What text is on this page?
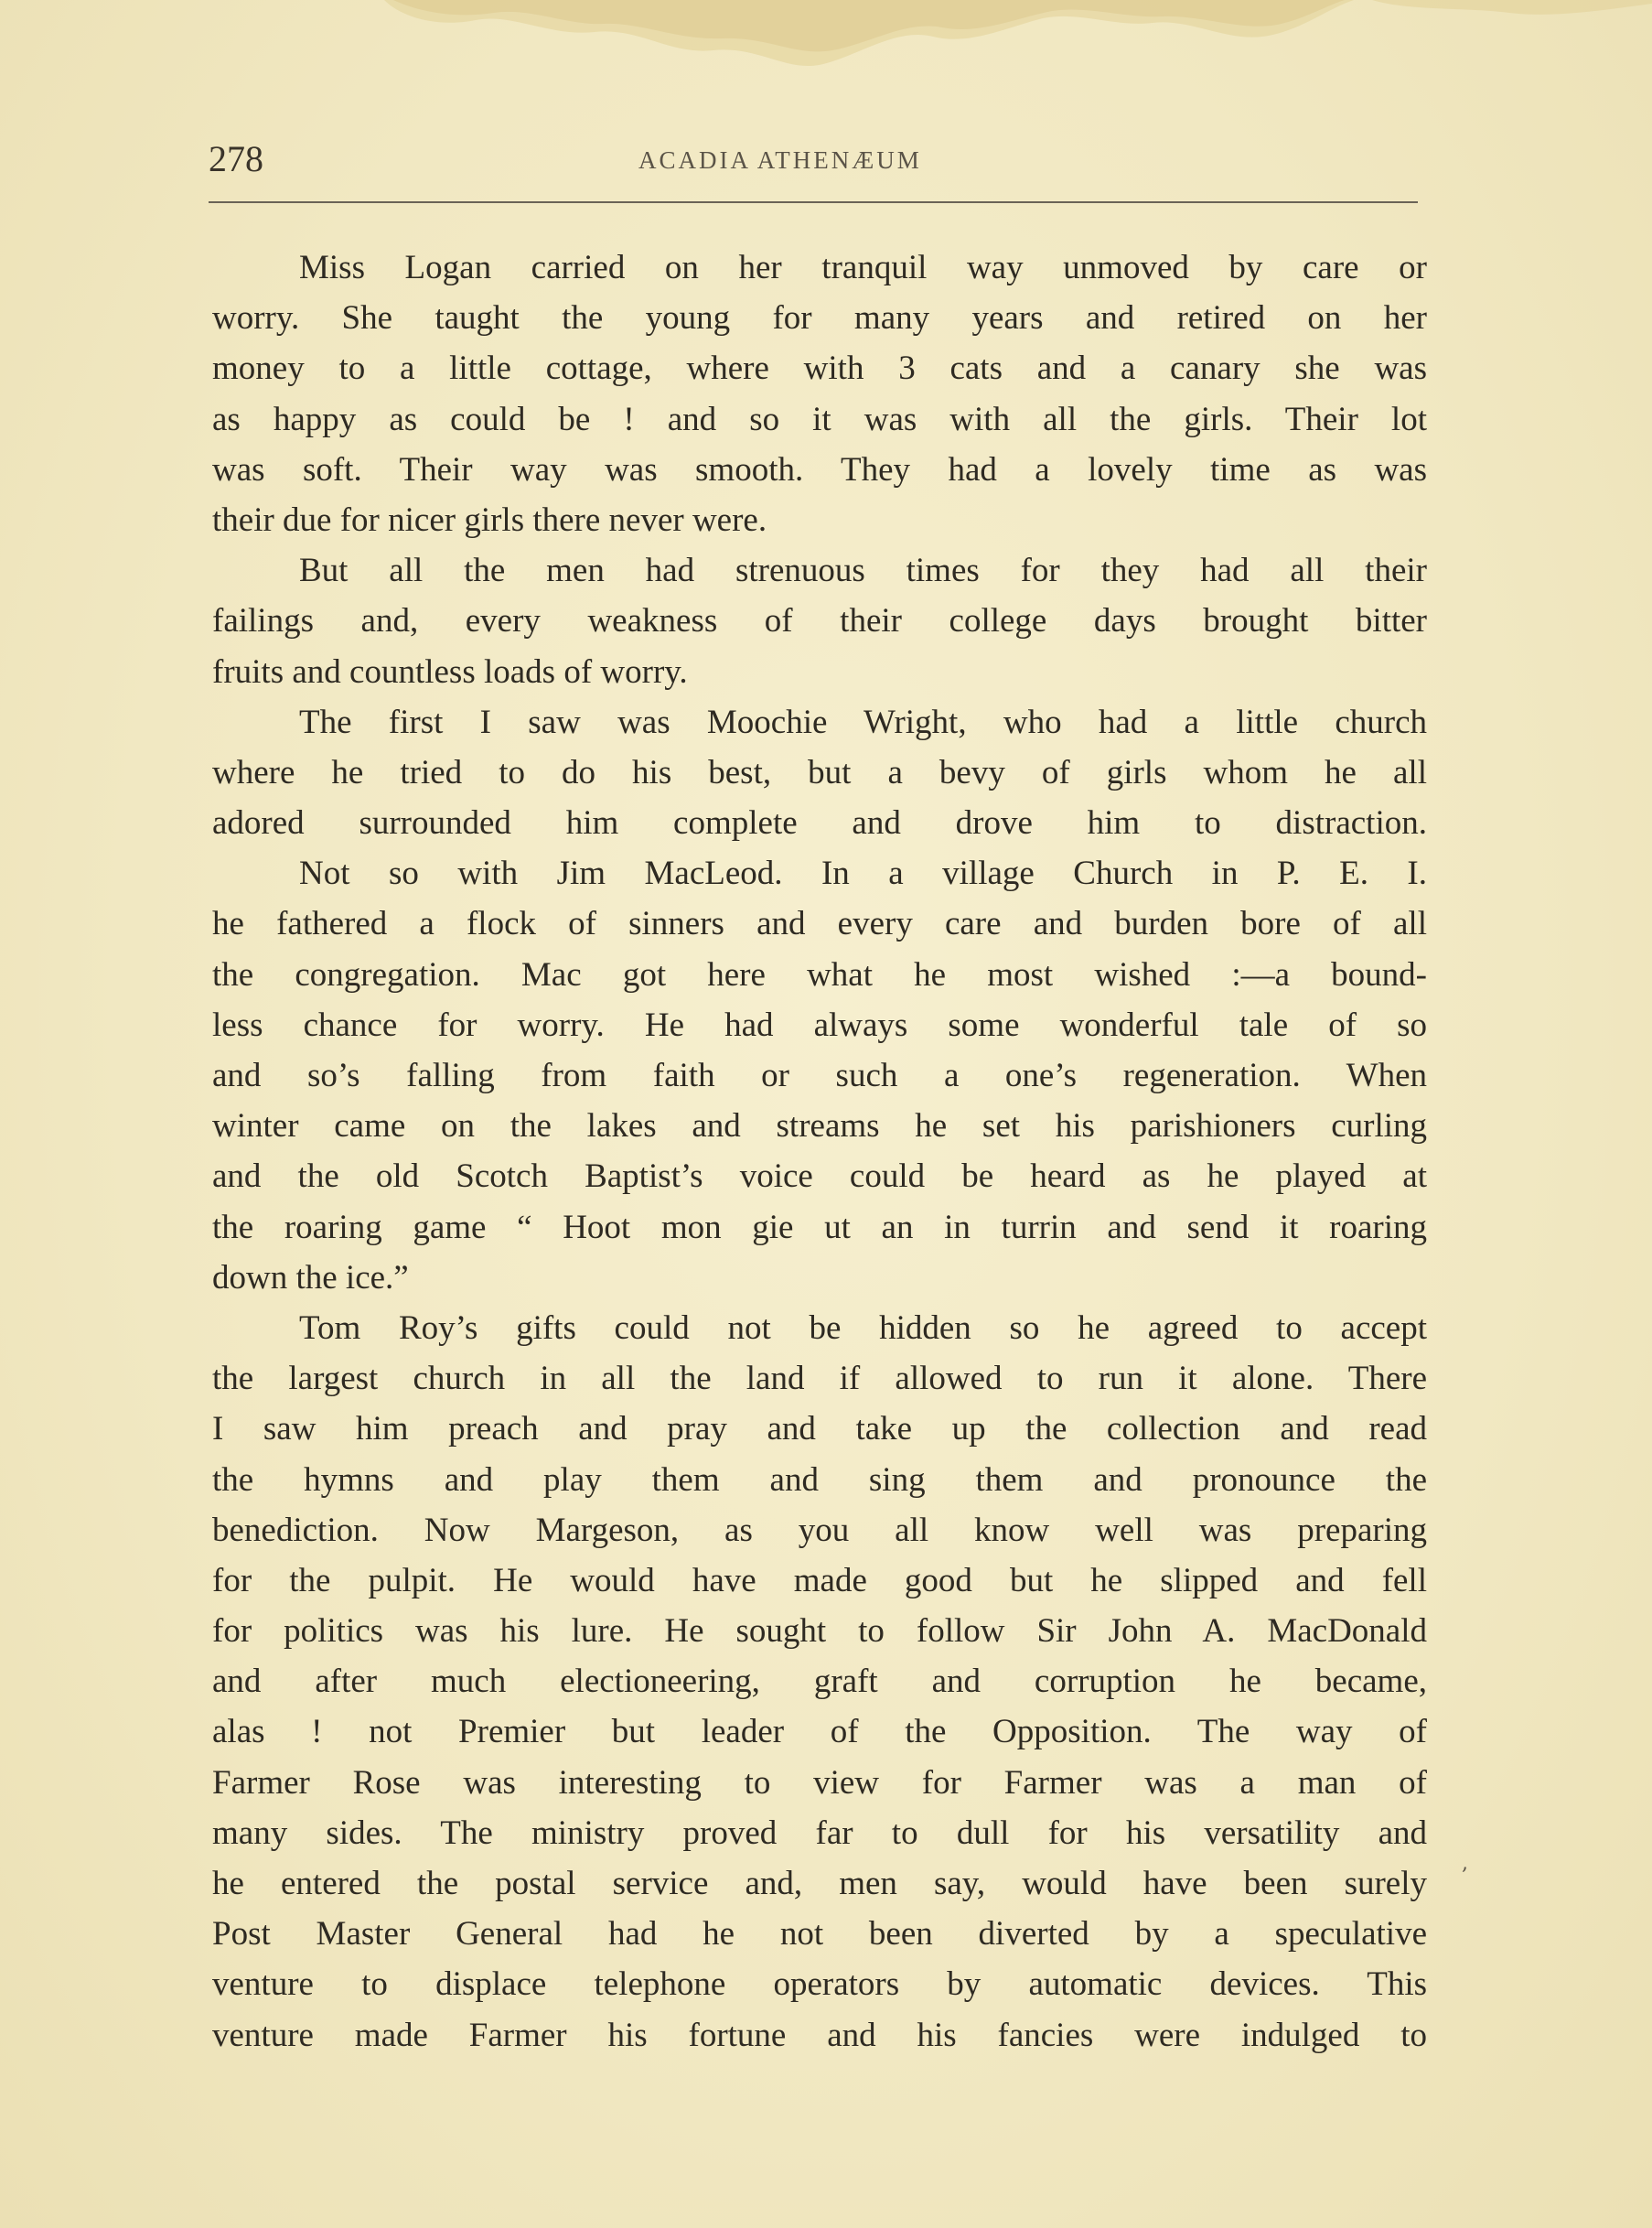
278	ACADIA ATHENÆUM
Miss Logan carried on her tranquil way unmoved by care or
worry. She taught the young for many years and retired on her
money to a little cottage, where with 3 cats and a canary she was
as happy as could be ! and so it was with all the girls. Their lot
was soft. Their way was smooth. They had a lovely time as was
their due for nicer girls there never were.
But all the men had strenuous times for they had all their
failings and, every weakness of their college days brought bitter
fruits and countless loads of worry.
The first I saw was Moochie Wright, who had a little church
where he tried to do his best, but a bevy of girls whom he all
adored surrounded him complete and drove him to distraction.
Not so with Jim MacLeod. In a village Church in P. E. I.
he fathered a flock of sinners and every care and burden bore of all
the congregation. Mac got here what he most wished :—a bound-
less chance for worry. He had always some wonderful tale of so
and so’s falling from faith or such a one’s regeneration. When
winter came on the lakes and streams he set his parishioners curling
and the old Scotch Baptist’s voice could be heard as he played at
the roaring game “ Hoot mon gie ut an in turrin and send it roaring
down the ice.”
Tom Roy’s gifts could not be hidden so he agreed to accept
the largest church in all the land if allowed to run it alone. There
I saw him preach and pray and take up the collection and read
the hymns and play them and sing them and pronounce the
benediction. Now Margeson, as you all know well was preparing
for the pulpit. He would have made good but he slipped and fell
for politics was his lure. He sought to follow Sir John A. MacDonald
and after much electioneering, graft and corruption he became,
alas ! not Premier but leader of the Opposition. The way of
Farmer Rose was interesting to view for Farmer was a man of
many sides. The ministry proved far to dull for his versatility and
he entered the postal service and, men say, would have been surely
Post Master General had he not been diverted by a speculative
venture to displace telephone operators by automatic devices. This
venture made Farmer his fortune and his fancies were indulged to
,
